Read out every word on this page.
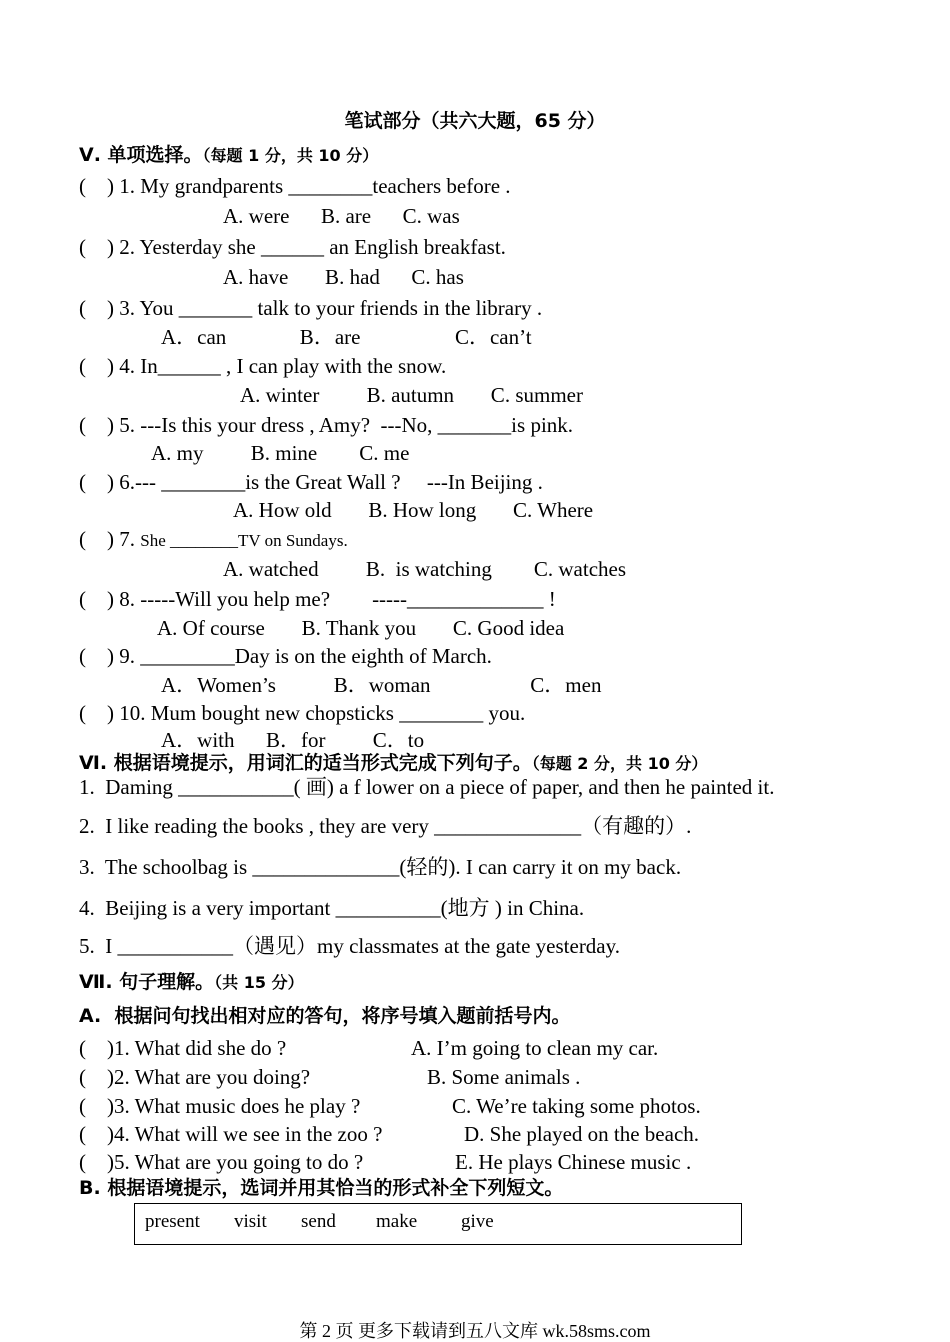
笔试部分（共六大题，65 分）
Ⅴ. 单项选择。（每题 1 分，共 10 分）
(    ) 1. My grandparents ________teachers before .
A. were      B. are      C. was
(    ) 2. Yesterday she ______ an English breakfast.
A. have       B. had      C. has
(    ) 3. You _______ talk to your friends in the library .
A．can              B．are                  C．can’t
(    ) 4. In______ , I can play with the snow.
A. winter         B. autumn       C. summer
(    ) 5. ---Is this your dress , Amy?  ---No, _______is pink.
A. my         B. mine        C. me
(    ) 6.--- ________is the Great Wall ?     ---In Beijing .
A. How old       B. How long       C. Where
(    ) 7. She ________TV on Sundays.
A. watched         B.  is watching        C. watches
(    ) 8. -----Will you help me?        -----_____________ !
A. Of course       B. Thank you       C. Good idea
(    ) 9. _________Day is on the eighth of March.
A．Women’s           B．woman                   C．men
(    ) 10. Mum bought new chopsticks ________ you.
A．with      B．for         C．to
Ⅵ. 根据语境提示，用词汇的适当形式完成下列句子。（每题 2 分，共 10 分）
1.  Daming ___________( 画) a f lower on a piece of paper, and then he painted it.
2.  I like reading the books , they are very ______________（有趣的）.
3.  The schoolbag is ______________(轻的). I can carry it on my back.
4.  Beijing is a very important __________(地方 ) in China.
5.  I ___________（遇见）my classmates at the gate yesterday.
Ⅶ. 句子理解。（共 15 分）
A.  根据问句找出相对应的答句，将序号填入题前括号内。
(    )1. What did she do ?	A. I’m going to clean my car.
(    )2. What are you doing?	B. Some animals .
(    )3. What music does he play ?	C. We’re taking some photos.
(    )4. What will we see in the zoo ?	D. She played on the beach.
(    )5. What are you going to do ?	E. He plays Chinese music .
B. 根据语境提示，选词并用其恰当的形式补全下列短文。
present visit send make give
第 2 页 更多下载请到五八文库 wk.58sms.com
